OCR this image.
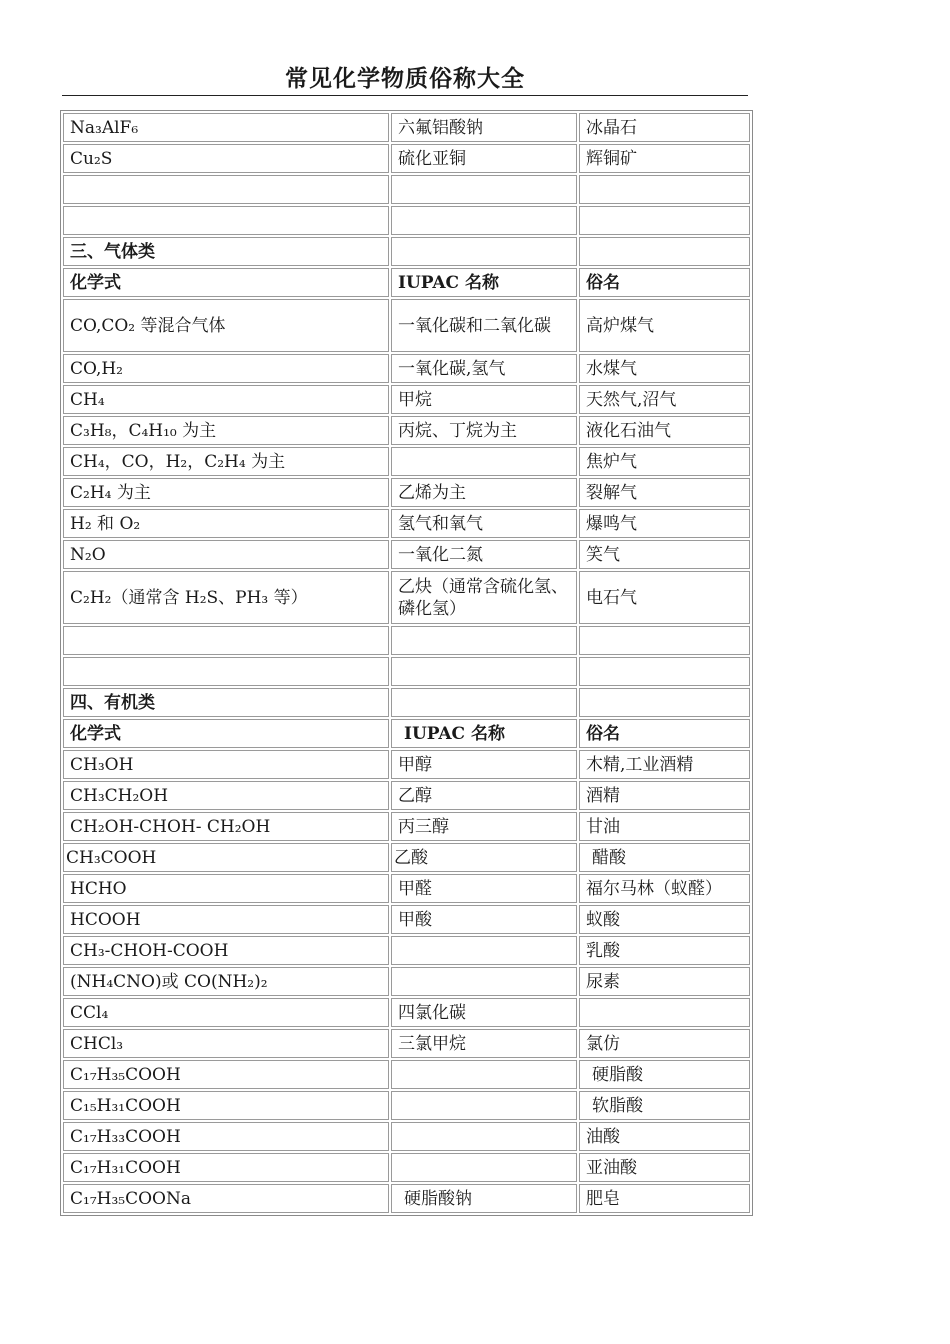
常见化学物质俗称大全
Na₃AlF₆	六氟铝酸钠	冰晶石
Cu₂S	硫化亚铜	辉铜矿

三、气体类		
化学式	IUPAC 名称	俗名
CO,CO₂ 等混合气体	一氧化碳和二氧化碳	高炉煤气
CO,H₂	一氧化碳,氢气	水煤气
CH₄	甲烷	天然气,沼气
C₃H₈，C₄H₁₀ 为主	丙烷、丁烷为主	液化石油气
CH₄，CO，H₂，C₂H₄ 为主		焦炉气
C₂H₄ 为主	乙烯为主	裂解气
H₂ 和 O₂	氢气和氧气	爆鸣气
N₂O	一氧化二氮	笑气
C₂H₂（通常含 H₂S、PH₃ 等）	乙炔（通常含硫化氢、磷化氢）	电石气

四、有机类		
化学式	IUPAC 名称	俗名
CH₃OH	甲醇	木精,工业酒精
CH₃CH₂OH	乙醇	酒精
CH₂OH-CHOH- CH₂OH	丙三醇	甘油
CH₃COOH	乙酸	醋酸
HCHO	甲醛	福尔马林（蚁醛）
HCOOH	甲酸	蚁酸
CH₃-CHOH-COOH		乳酸
(NH₄CNO)或 CO(NH₂)₂		尿素
CCl₄	四氯化碳	
CHCl₃	三氯甲烷	氯仿
C₁₇H₃₅COOH		硬脂酸
C₁₅H₃₁COOH		软脂酸
C₁₇H₃₃COOH		油酸
C₁₇H₃₁COOH		亚油酸
C₁₇H₃₅COONa	硬脂酸钠	肥皂
